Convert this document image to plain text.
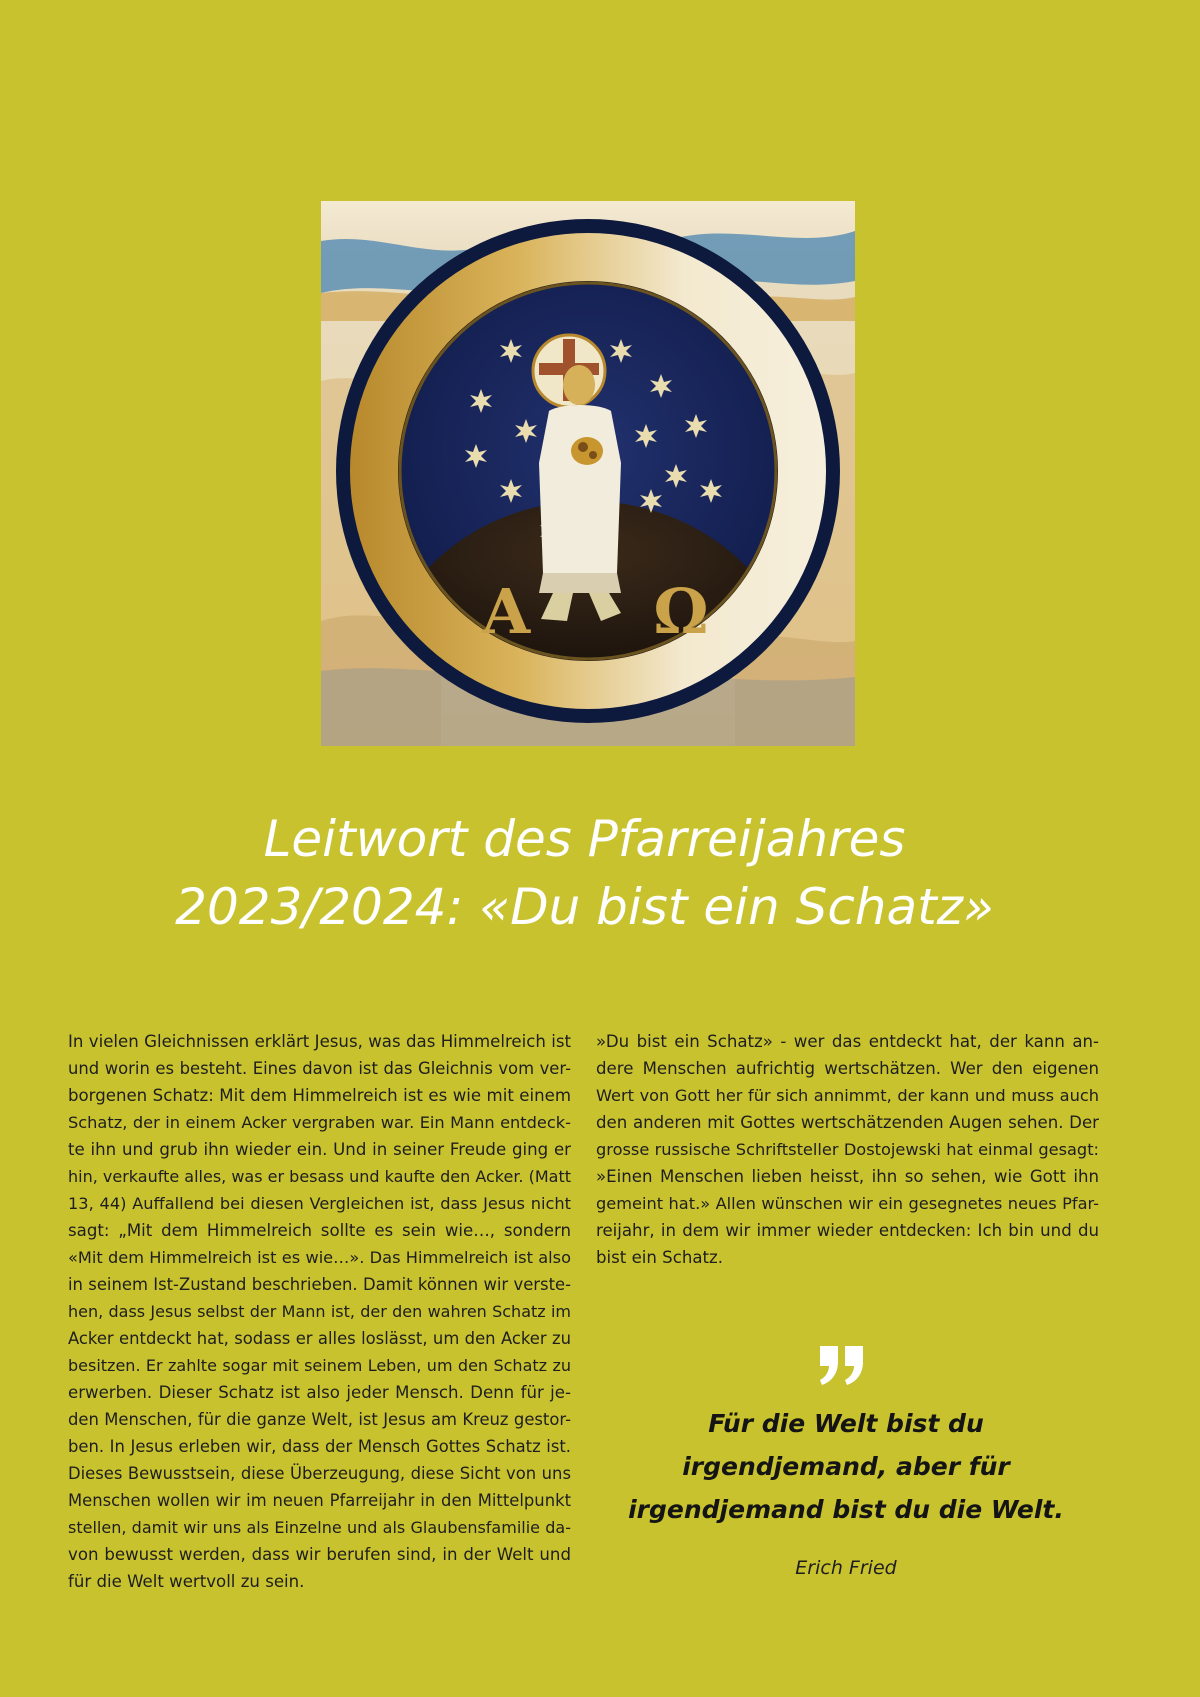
A Ω
Leitwort des Pfarreijahres
2023/2024: «Du bist ein Schatz»
In vielen Gleichnissen erklärt Jesus, was das Himmelreich ist
und worin es besteht. Eines davon ist das Gleichnis vom ver-
borgenen Schatz: Mit dem Himmelreich ist es wie mit einem
Schatz, der in einem Acker vergraben war. Ein Mann entdeck-
te ihn und grub ihn wieder ein. Und in seiner Freude ging er
hin, verkaufte alles, was er besass und kaufte den Acker. (Matt
13, 44) Auffallend bei diesen Vergleichen ist, dass Jesus nicht
sagt: „Mit dem Himmelreich sollte es sein wie…, sondern
«Mit dem Himmelreich ist es wie…». Das Himmelreich ist also
in seinem Ist-Zustand beschrieben. Damit können wir verste-
hen, dass Jesus selbst der Mann ist, der den wahren Schatz im
Acker entdeckt hat, sodass er alles loslässt, um den Acker zu
besitzen. Er zahlte sogar mit seinem Leben, um den Schatz zu
erwerben. Dieser Schatz ist also jeder Mensch. Denn für je-
den Menschen, für die ganze Welt, ist Jesus am Kreuz gestor-
ben. In Jesus erleben wir, dass der Mensch Gottes Schatz ist.
Dieses Bewusstsein, diese Überzeugung, diese Sicht von uns
Menschen wollen wir im neuen Pfarreijahr in den Mittelpunkt
stellen, damit wir uns als Einzelne und als Glaubensfamilie da-
von bewusst werden, dass wir berufen sind, in der Welt und
für die Welt wertvoll zu sein.
»Du bist ein Schatz» - wer das entdeckt hat, der kann an-
dere Menschen aufrichtig wertschätzen. Wer den eigenen
Wert von Gott her für sich annimmt, der kann und muss auch
den anderen mit Gottes wertschätzenden Augen sehen. Der
grosse russische Schriftsteller Dostojewski hat einmal gesagt:
»Einen Menschen lieben heisst, ihn so sehen, wie Gott ihn
gemeint hat.» Allen wünschen wir ein gesegnetes neues Pfar-
reijahr, in dem wir immer wieder entdecken: Ich bin und du
bist ein Schatz.
Für die Welt bist du
irgendjemand, aber für
irgendjemand bist du die Welt.
Erich Fried
